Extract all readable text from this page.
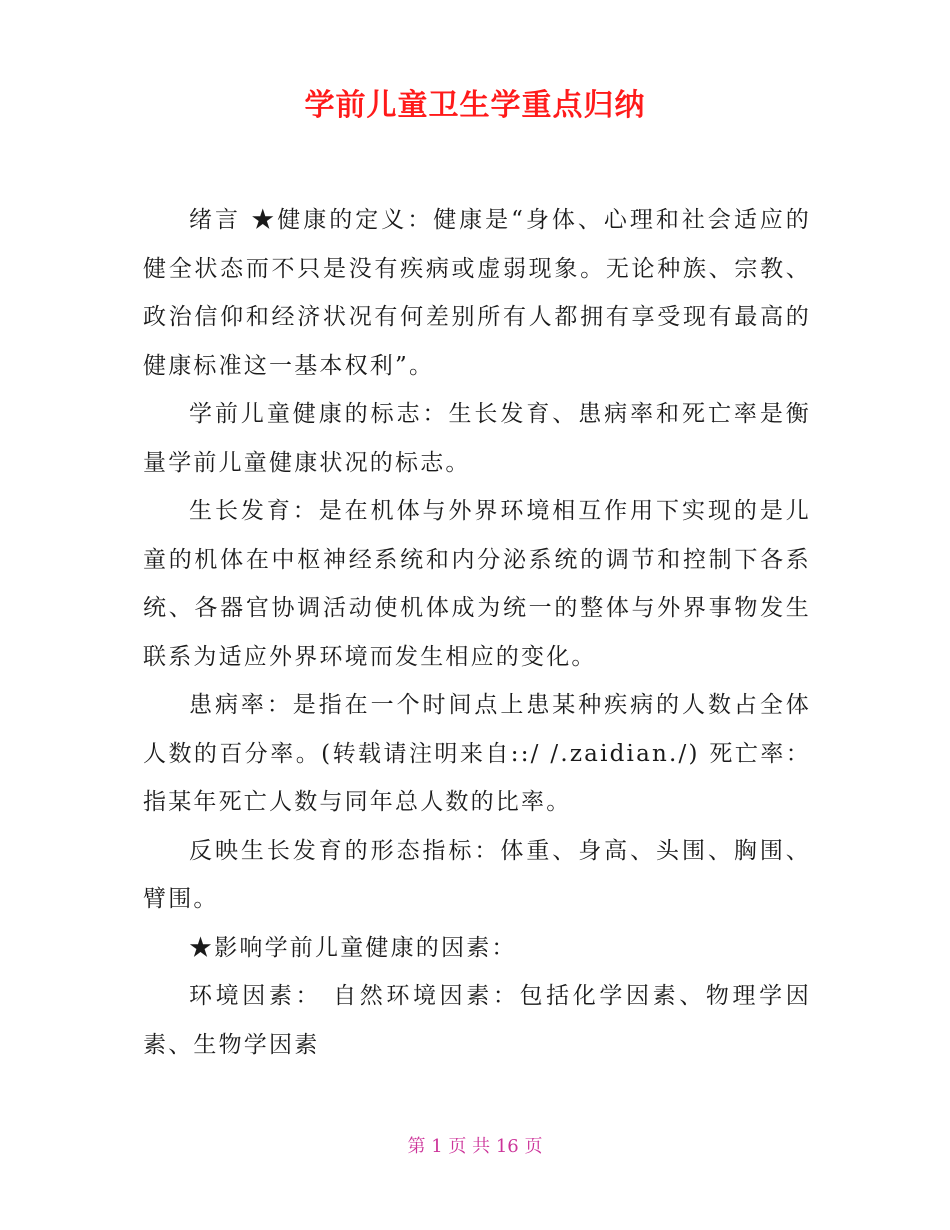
学前儿童卫生学重点归纳

绪言 ★健康的定义：健康是“身体、心理和社会适应的健全状态而不只是没有疾病或虚弱现象。无论种族、宗教、政治信仰和经济状况有何差别所有人都拥有享受现有最高的健康标准这一基本权利”。

学前儿童健康的标志：生长发育、患病率和死亡率是衡量学前儿童健康状况的标志。

生长发育：是在机体与外界环境相互作用下实现的是儿童的机体在中枢神经系统和内分泌系统的调节和控制下各系统、各器官协调活动使机体成为统一的整体与外界事物发生联系为适应外界环境而发生相应的变化。

患病率：是指在一个时间点上患某种疾病的人数占全体人数的百分率。(转载请注明来自::/ /.zaidian./) 死亡率：指某年死亡人数与同年总人数的比率。

反映生长发育的形态指标：体重、身高、头围、胸围、臂围。

★影响学前儿童健康的因素：

环境因素： 自然环境因素：包括化学因素、物理学因素、生物学因素

第 1 页 共 16 页
